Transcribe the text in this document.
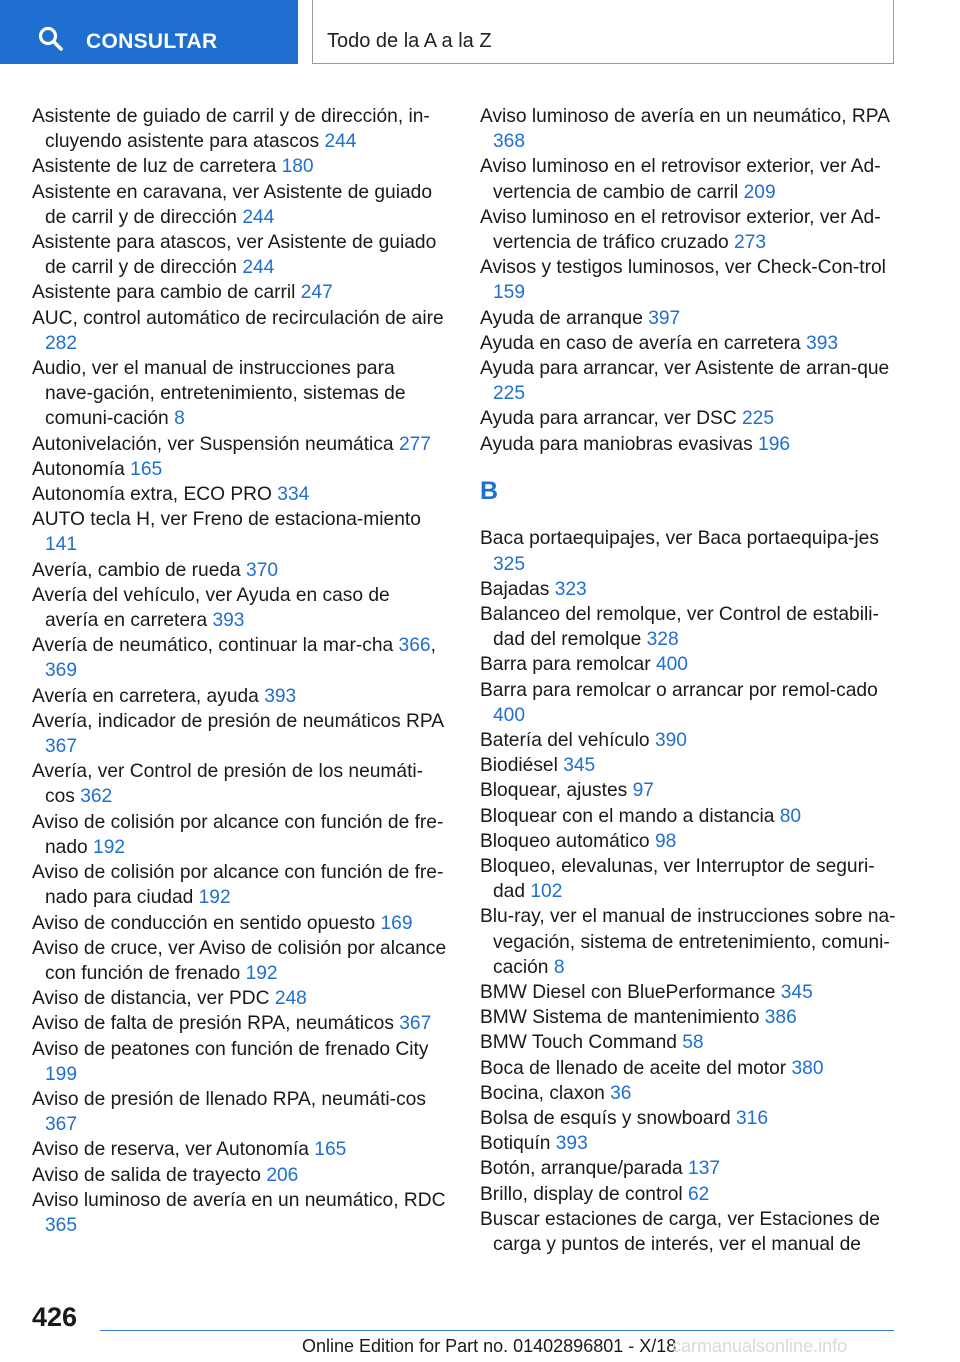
CONSULTAR	Todo de la A a la Z
Asistente de guiado de carril y de dirección, in‐cluyendo asistente para atascos 244
Asistente de luz de carretera 180
Asistente en caravana, ver Asistente de guiado de carril y de dirección 244
Asistente para atascos, ver Asistente de guiado de carril y de dirección 244
Asistente para cambio de carril 247
AUC, control automático de recirculación de aire 282
Audio, ver el manual de instrucciones para nave‐gación, entretenimiento, sistemas de comuni‐cación 8
Autonivelación, ver Suspensión neumática 277
Autonomía 165
Autonomía extra, ECO PRO 334
AUTO tecla H, ver Freno de estaciona‐miento 141
Avería, cambio de rueda 370
Avería del vehículo, ver Ayuda en caso de avería en carretera 393
Avería de neumático, continuar la mar‐cha 366, 369
Avería en carretera, ayuda 393
Avería, indicador de presión de neumáticos RPA 367
Avería, ver Control de presión de los neumáti‐cos 362
Aviso de colisión por alcance con función de fre‐nado 192
Aviso de colisión por alcance con función de fre‐nado para ciudad 192
Aviso de conducción en sentido opuesto 169
Aviso de cruce, ver Aviso de colisión por alcance con función de frenado 192
Aviso de distancia, ver PDC 248
Aviso de falta de presión RPA, neumáticos 367
Aviso de peatones con función de frenado City 199
Aviso de presión de llenado RPA, neumáti‐cos 367
Aviso de reserva, ver Autonomía 165
Aviso de salida de trayecto 206
Aviso luminoso de avería en un neumático, RDC 365
Aviso luminoso de avería en un neumático, RPA 368
Aviso luminoso en el retrovisor exterior, ver Ad‐vertencia de cambio de carril 209
Aviso luminoso en el retrovisor exterior, ver Ad‐vertencia de tráfico cruzado 273
Avisos y testigos luminosos, ver Check-Con‐trol 159
Ayuda de arranque 397
Ayuda en caso de avería en carretera 393
Ayuda para arrancar, ver Asistente de arran‐que 225
Ayuda para arrancar, ver DSC 225
Ayuda para maniobras evasivas 196
B
Baca portaequipajes, ver Baca portaequipa‐jes 325
Bajadas 323
Balanceo del remolque, ver Control de estabili‐dad del remolque 328
Barra para remolcar 400
Barra para remolcar o arrancar por remol‐cado 400
Batería del vehículo 390
Biodiésel 345
Bloquear, ajustes 97
Bloquear con el mando a distancia 80
Bloqueo automático 98
Bloqueo, elevalunas, ver Interruptor de seguri‐dad 102
Blu-ray, ver el manual de instrucciones sobre na‐vegación, sistema de entretenimiento, comuni‐cación 8
BMW Diesel con BluePerformance 345
BMW Sistema de mantenimiento 386
BMW Touch Command 58
Boca de llenado de aceite del motor 380
Bocina, claxon 36
Bolsa de esquís y snowboard 316
Botiquín 393
Botón, arranque/parada 137
Brillo, display de control 62
Buscar estaciones de carga, ver Estaciones de carga y puntos de interés, ver el manual de
426
Online Edition for Part no. 01402896801 - X/18
carmanualsonline.info
